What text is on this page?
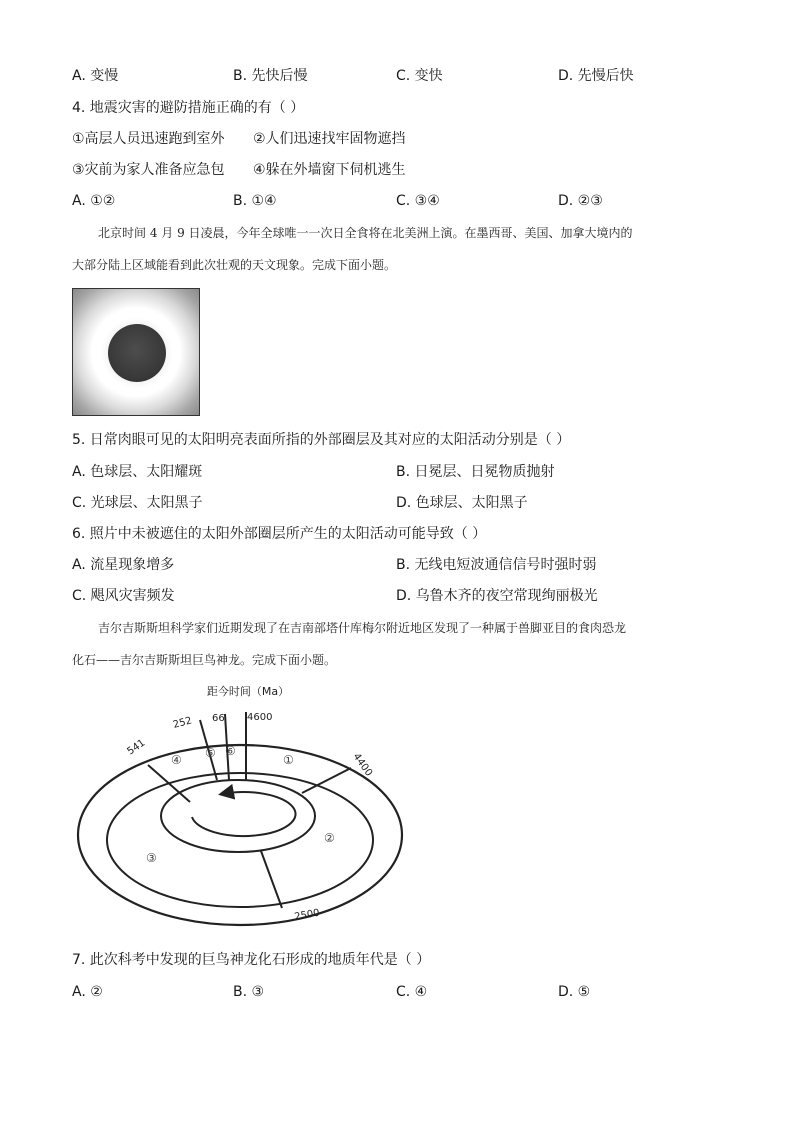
A. 变慢	B. 先快后慢	C. 变快	D. 先慢后快
4. 地震灾害的避防措施正确的有（ ）
①高层人员迅速跑到室外 ②人们迅速找牢固物遮挡
③灾前为家人准备应急包 ④躲在外墙窗下伺机逃生
A. ①②	B. ①④	C. ③④	D. ②③
北京时间 4 月 9 日凌晨，今年全球唯一一次日全食将在北美洲上演。在墨西哥、美国、加拿大境内的
大部分陆上区域能看到此次壮观的天文现象。完成下面小题。
5. 日常肉眼可见的太阳明亮表面所指的外部圈层及其对应的太阳活动分别是（ ）
A. 色球层、太阳耀斑	B. 日冕层、日冕物质抛射
C. 光球层、太阳黑子	D. 色球层、太阳黑子
6. 照片中未被遮住的太阳外部圈层所产生的太阳活动可能导致（ ）
A. 流星现象增多	B. 无线电短波通信信号时强时弱
C. 飓风灾害频发	D. 乌鲁木齐的夜空常现绚丽极光
吉尔吉斯斯坦科学家们近期发现了在吉南部塔什库梅尔附近地区发现了一种属于兽脚亚目的食肉恐龙
化石——吉尔吉斯斯坦巨鸟神龙。完成下面小题。
距今时间（Ma）
541
252 66 4600
4400
2500
①
②
③
④ ⑤ ⑥
7. 此次科考中发现的巨鸟神龙化石形成的地质年代是（ ）
A. ②	B. ③	C. ④	D. ⑤
